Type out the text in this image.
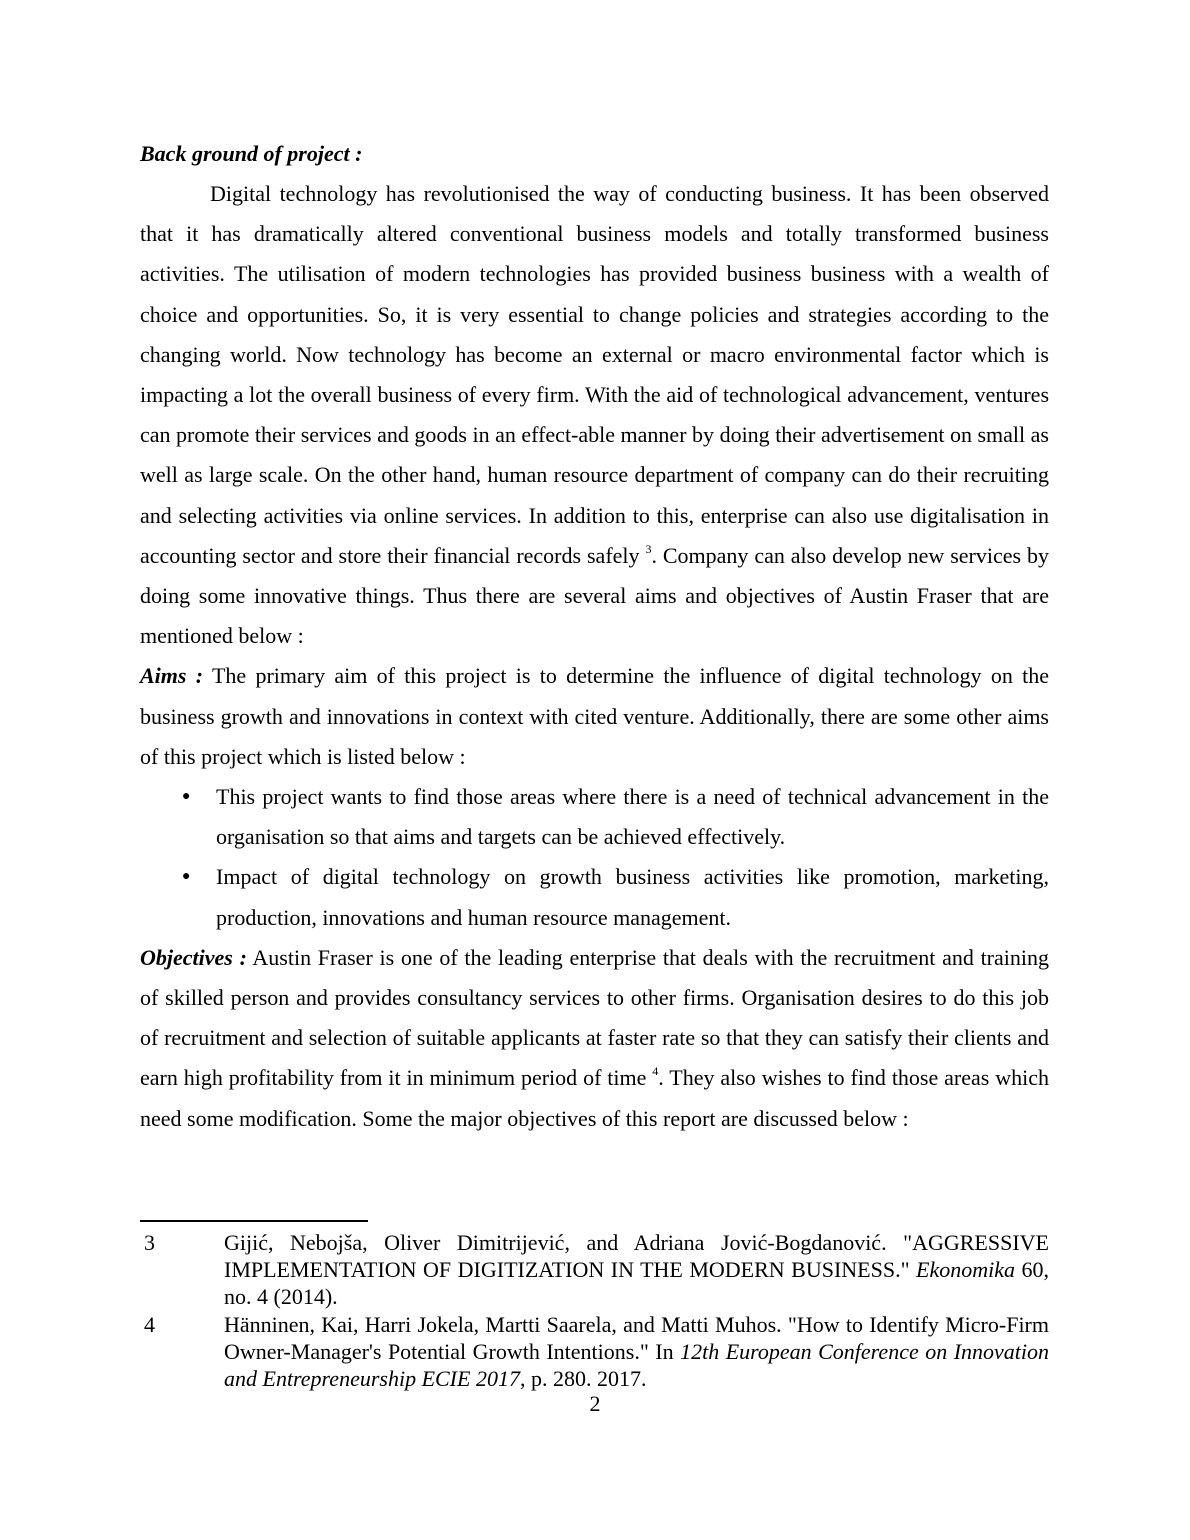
Back ground of project :

Digital technology has revolutionised the way of conducting business. It has been observed that it has dramatically altered conventional business models and totally transformed business activities. The utilisation of modern technologies has provided business business with a wealth of choice and opportunities. So, it is very essential to change policies and strategies according to the changing world. Now technology has become an external or macro environmental factor which is impacting a lot the overall business of every firm. With the aid of technological advancement, ventures can promote their services and goods in an effect-able manner by doing their advertisement on small as well as large scale. On the other hand, human resource department of company can do their recruiting and selecting activities via online services. In addition to this, enterprise can also use digitalisation in accounting sector and store their financial records safely $^3$. Company can also develop new services by doing some innovative things. Thus there are several aims and objectives of Austin Fraser that are mentioned below :

Aims : The primary aim of this project is to determine the influence of digital technology on the business growth and innovations in context with cited venture. Additionally, there are some other aims of this project which is listed below :

● This project wants to find those areas where there is a need of technical advancement in the organisation so that aims and targets can be achieved effectively.
● Impact of digital technology on growth business activities like promotion, marketing, production, innovations and human resource management.

Objectives : Austin Fraser is one of the leading enterprise that deals with the recruitment and training of skilled person and provides consultancy services to other firms. Organisation desires to do this job of recruitment and selection of suitable applicants at faster rate so that they can satisfy their clients and earn high profitability from it in minimum period of time $^4$. They also wishes to find those areas which need some modification. Some the major objectives of this report are discussed below :

3	Gijić, Nebojša, Oliver Dimitrijević, and Adriana Jović-Bogdanović. "AGGRESSIVE IMPLEMENTATION OF DIGITIZATION IN THE MODERN BUSINESS." Ekonomika 60, no. 4 (2014).
4	Hänninen, Kai, Harri Jokela, Martti Saarela, and Matti Muhos. "How to Identify Micro-Firm Owner-Manager's Potential Growth Intentions." In 12th European Conference on Innovation and Entrepreneurship ECIE 2017, p. 280. 2017.
2
